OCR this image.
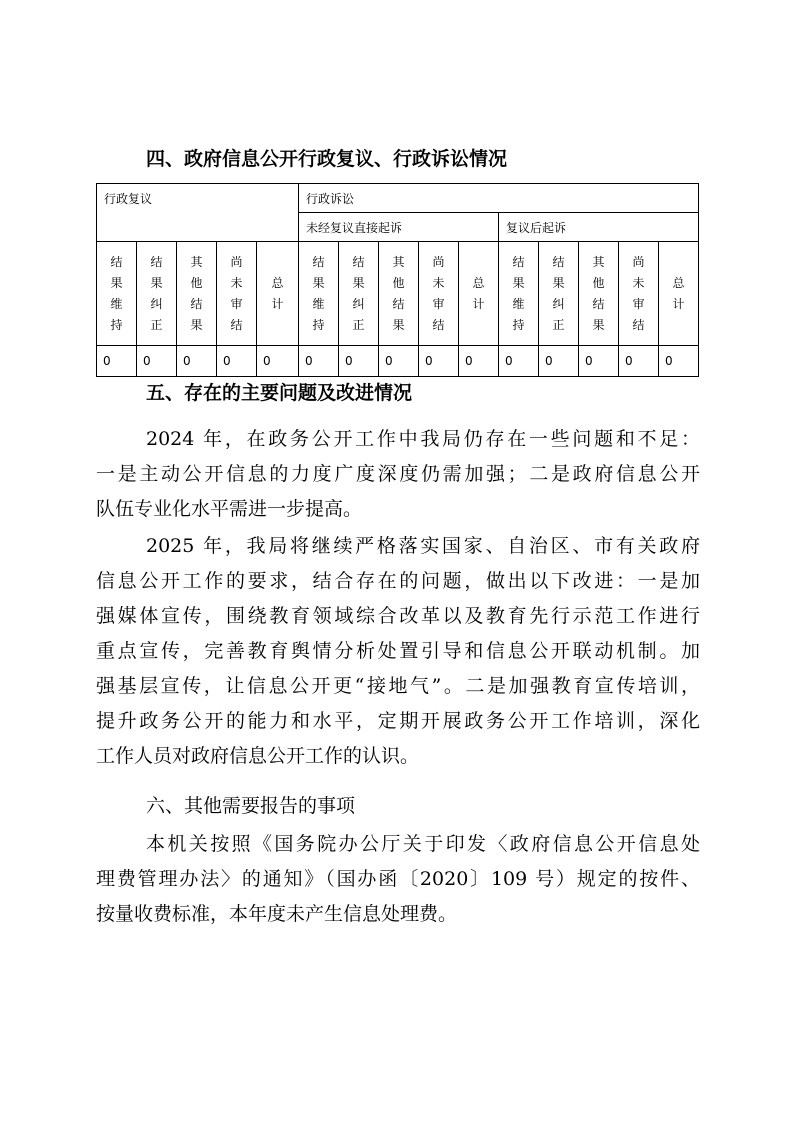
四、政府信息公开行政复议、行政诉讼情况
行政复议					行政诉讼									
					未经复议直接起诉					复议后起诉				
结果维持	结果纠正	其他结果	尚未审结	总计	结果维持	结果纠正	其他结果	尚未审结	总计	结果维持	结果纠正	其他结果	尚未审结	总计
0	0	0	0	0	0	0	0	0	0	0	0	0	0	0
五、存在的主要问题及改进情况

2024 年，在政务公开工作中我局仍存在一些问题和不足：
一是主动公开信息的力度广度深度仍需加强；二是政府信息公开
队伍专业化水平需进一步提高。

2025 年，我局将继续严格落实国家、自治区、市有关政府
信息公开工作的要求，结合存在的问题，做出以下改进：一是加
强媒体宣传，围绕教育领域综合改革以及教育先行示范工作进行
重点宣传，完善教育舆情分析处置引导和信息公开联动机制。加
强基层宣传，让信息公开更“接地气”。二是加强教育宣传培训，
提升政务公开的能力和水平，定期开展政务公开工作培训，深化
工作人员对政府信息公开工作的认识。

六、其他需要报告的事项

本机关按照《国务院办公厅关于印发〈政府信息公开信息处
理费管理办法〉的通知》（国办函〔2020〕109 号）规定的按件、
按量收费标准，本年度未产生信息处理费。
